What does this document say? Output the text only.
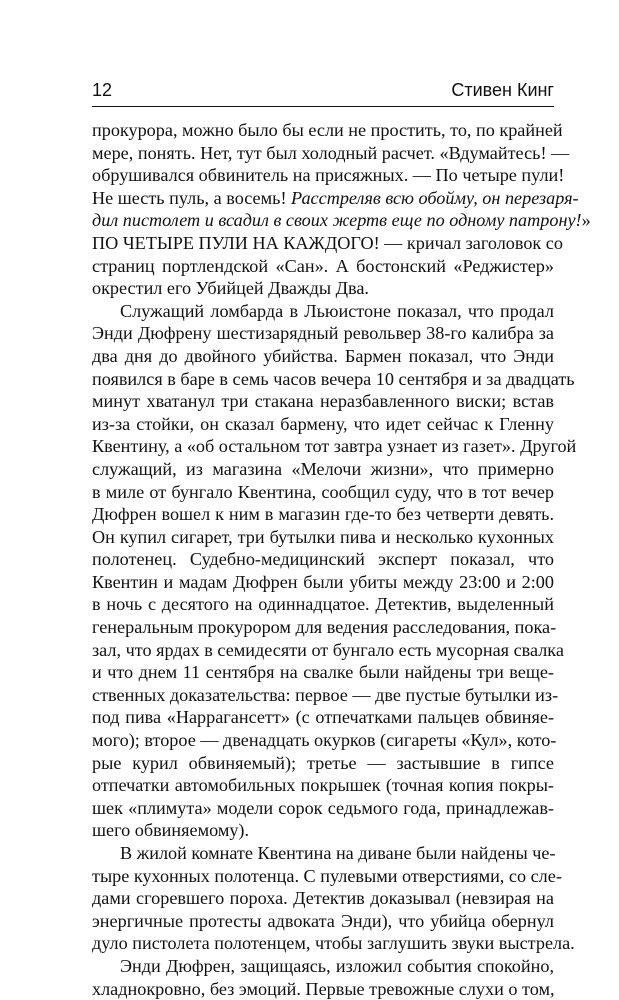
12	Стивен Кинг

прокурора, можно было бы если не простить, то, по крайней
мере, понять. Нет, тут был холодный расчет. «Вдумайтесь! —
обрушивался обвинитель на присяжных. — По четыре пули!
Не шесть пуль, а восемь! Расстреляв всю обойму, он перезаря-
дил пистолет и всадил в своих жертв еще по одному патрону!»
ПО ЧЕТЫРЕ ПУЛИ НА КАЖДОГО! — кричал заголовок со
страниц портлендской «Сан». А бостонский «Реджистер»
окрестил его Убийцей Дважды Два.

Служащий ломбарда в Льюистоне показал, что продал
Энди Дюфрену шестизарядный револьвер 38-го калибра за
два дня до двойного убийства. Бармен показал, что Энди
появился в баре в семь часов вечера 10 сентября и за двадцать
минут хватанул три стакана неразбавленного виски; встав
из-за стойки, он сказал бармену, что идет сейчас к Гленну
Квентину, а «об остальном тот завтра узнает из газет». Другой
служащий, из магазина «Мелочи жизни», что примерно
в миле от бунгало Квентина, сообщил суду, что в тот вечер
Дюфрен вошел к ним в магазин где-то без четверти девять.
Он купил сигарет, три бутылки пива и несколько кухонных
полотенец. Судебно-медицинский эксперт показал, что
Квентин и мадам Дюфрен были убиты между 23:00 и 2:00
в ночь с десятого на одиннадцатое. Детектив, выделенный
генеральным прокурором для ведения расследования, пока-
зал, что ярдах в семидесяти от бунгало есть мусорная свалка
и что днем 11 сентября на свалке были найдены три веще-
ственных доказательства: первое — две пустые бутылки из-
под пива «Наррагансетт» (с отпечатками пальцев обвиняе-
мого); второе — двенадцать окурков (сигареты «Кул», кото-
рые курил обвиняемый); третье — застывшие в гипсе
отпечатки автомобильных покрышек (точная копия покры-
шек «плимута» модели сорок седьмого года, принадлежав-
шего обвиняемому).

В жилой комнате Квентина на диване были найдены че-
тыре кухонных полотенца. С пулевыми отверстиями, со сле-
дами сгоревшего пороха. Детектив доказывал (невзирая на
энергичные протесты адвоката Энди), что убийца обернул
дуло пистолета полотенцем, чтобы заглушить звуки выстрела.

Энди Дюфрен, защищаясь, изложил события спокойно,
хладнокровно, без эмоций. Первые тревожные слухи о том,
